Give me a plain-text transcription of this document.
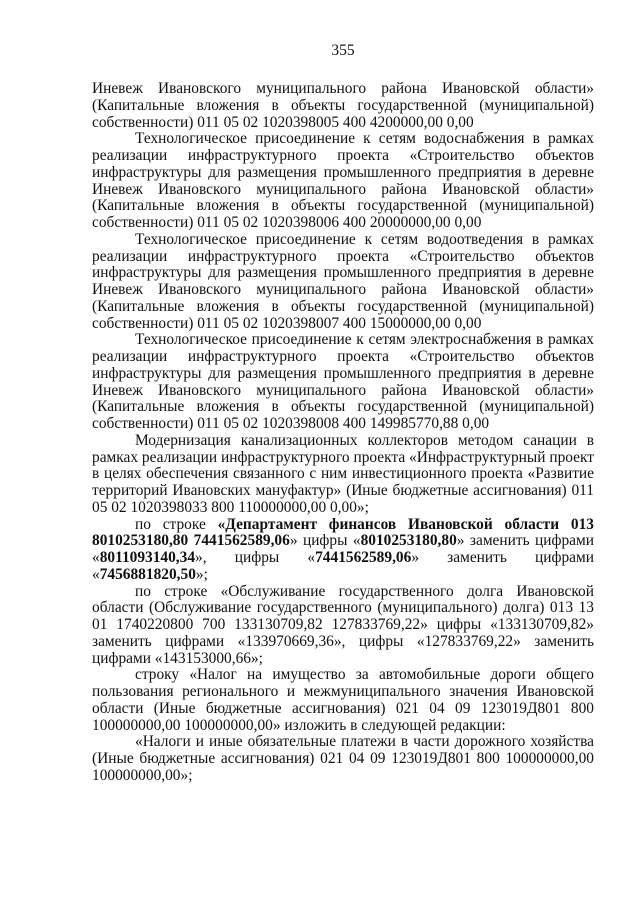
355

Иневеж Ивановского муниципального района Ивановской области» (Капитальные вложения в объекты государственной (муниципальной) собственности) 011 05 02 1020398005 400 4200000,00 0,00

Технологическое присоединение к сетям водоснабжения в рамках реализации инфраструктурного проекта «Строительство объектов инфраструктуры для размещения промышленного предприятия в деревне Иневеж Ивановского муниципального района Ивановской области» (Капитальные вложения в объекты государственной (муниципальной) собственности) 011 05 02 1020398006 400 20000000,00 0,00

Технологическое присоединение к сетям водоотведения в рамках реализации инфраструктурного проекта «Строительство объектов инфраструктуры для размещения промышленного предприятия в деревне Иневеж Ивановского муниципального района Ивановской области» (Капитальные вложения в объекты государственной (муниципальной) собственности) 011 05 02 1020398007 400 15000000,00 0,00

Технологическое присоединение к сетям электроснабжения в рамках реализации инфраструктурного проекта «Строительство объектов инфраструктуры для размещения промышленного предприятия в деревне Иневеж Ивановского муниципального района Ивановской области» (Капитальные вложения в объекты государственной (муниципальной) собственности) 011 05 02 1020398008 400 149985770,88 0,00

Модернизация канализационных коллекторов методом санации в рамках реализации инфраструктурного проекта «Инфраструктурный проект в целях обеспечения связанного с ним инвестиционного проекта «Развитие территорий Ивановских мануфактур» (Иные бюджетные ассигнования) 011 05 02 1020398033 800 110000000,00 0,00»;

по строке «Департамент финансов Ивановской области 013 8010253180,80 7441562589,06» цифры «8010253180,80» заменить цифрами «8011093140,34», цифры «7441562589,06» заменить цифрами «7456881820,50»;

по строке «Обслуживание государственного долга Ивановской области (Обслуживание государственного (муниципального) долга) 013 13 01 1740220800 700 133130709,82 127833769,22» цифры «133130709,82» заменить цифрами «133970669,36», цифры «127833769,22» заменить цифрами «143153000,66»;

строку «Налог на имущество за автомобильные дороги общего пользования регионального и межмуниципального значения Ивановской области (Иные бюджетные ассигнования) 021 04 09 123019Д801 800 100000000,00 100000000,00» изложить в следующей редакции:

«Налоги и иные обязательные платежи в части дорожного хозяйства (Иные бюджетные ассигнования) 021 04 09 123019Д801 800 100000000,00 100000000,00»;
